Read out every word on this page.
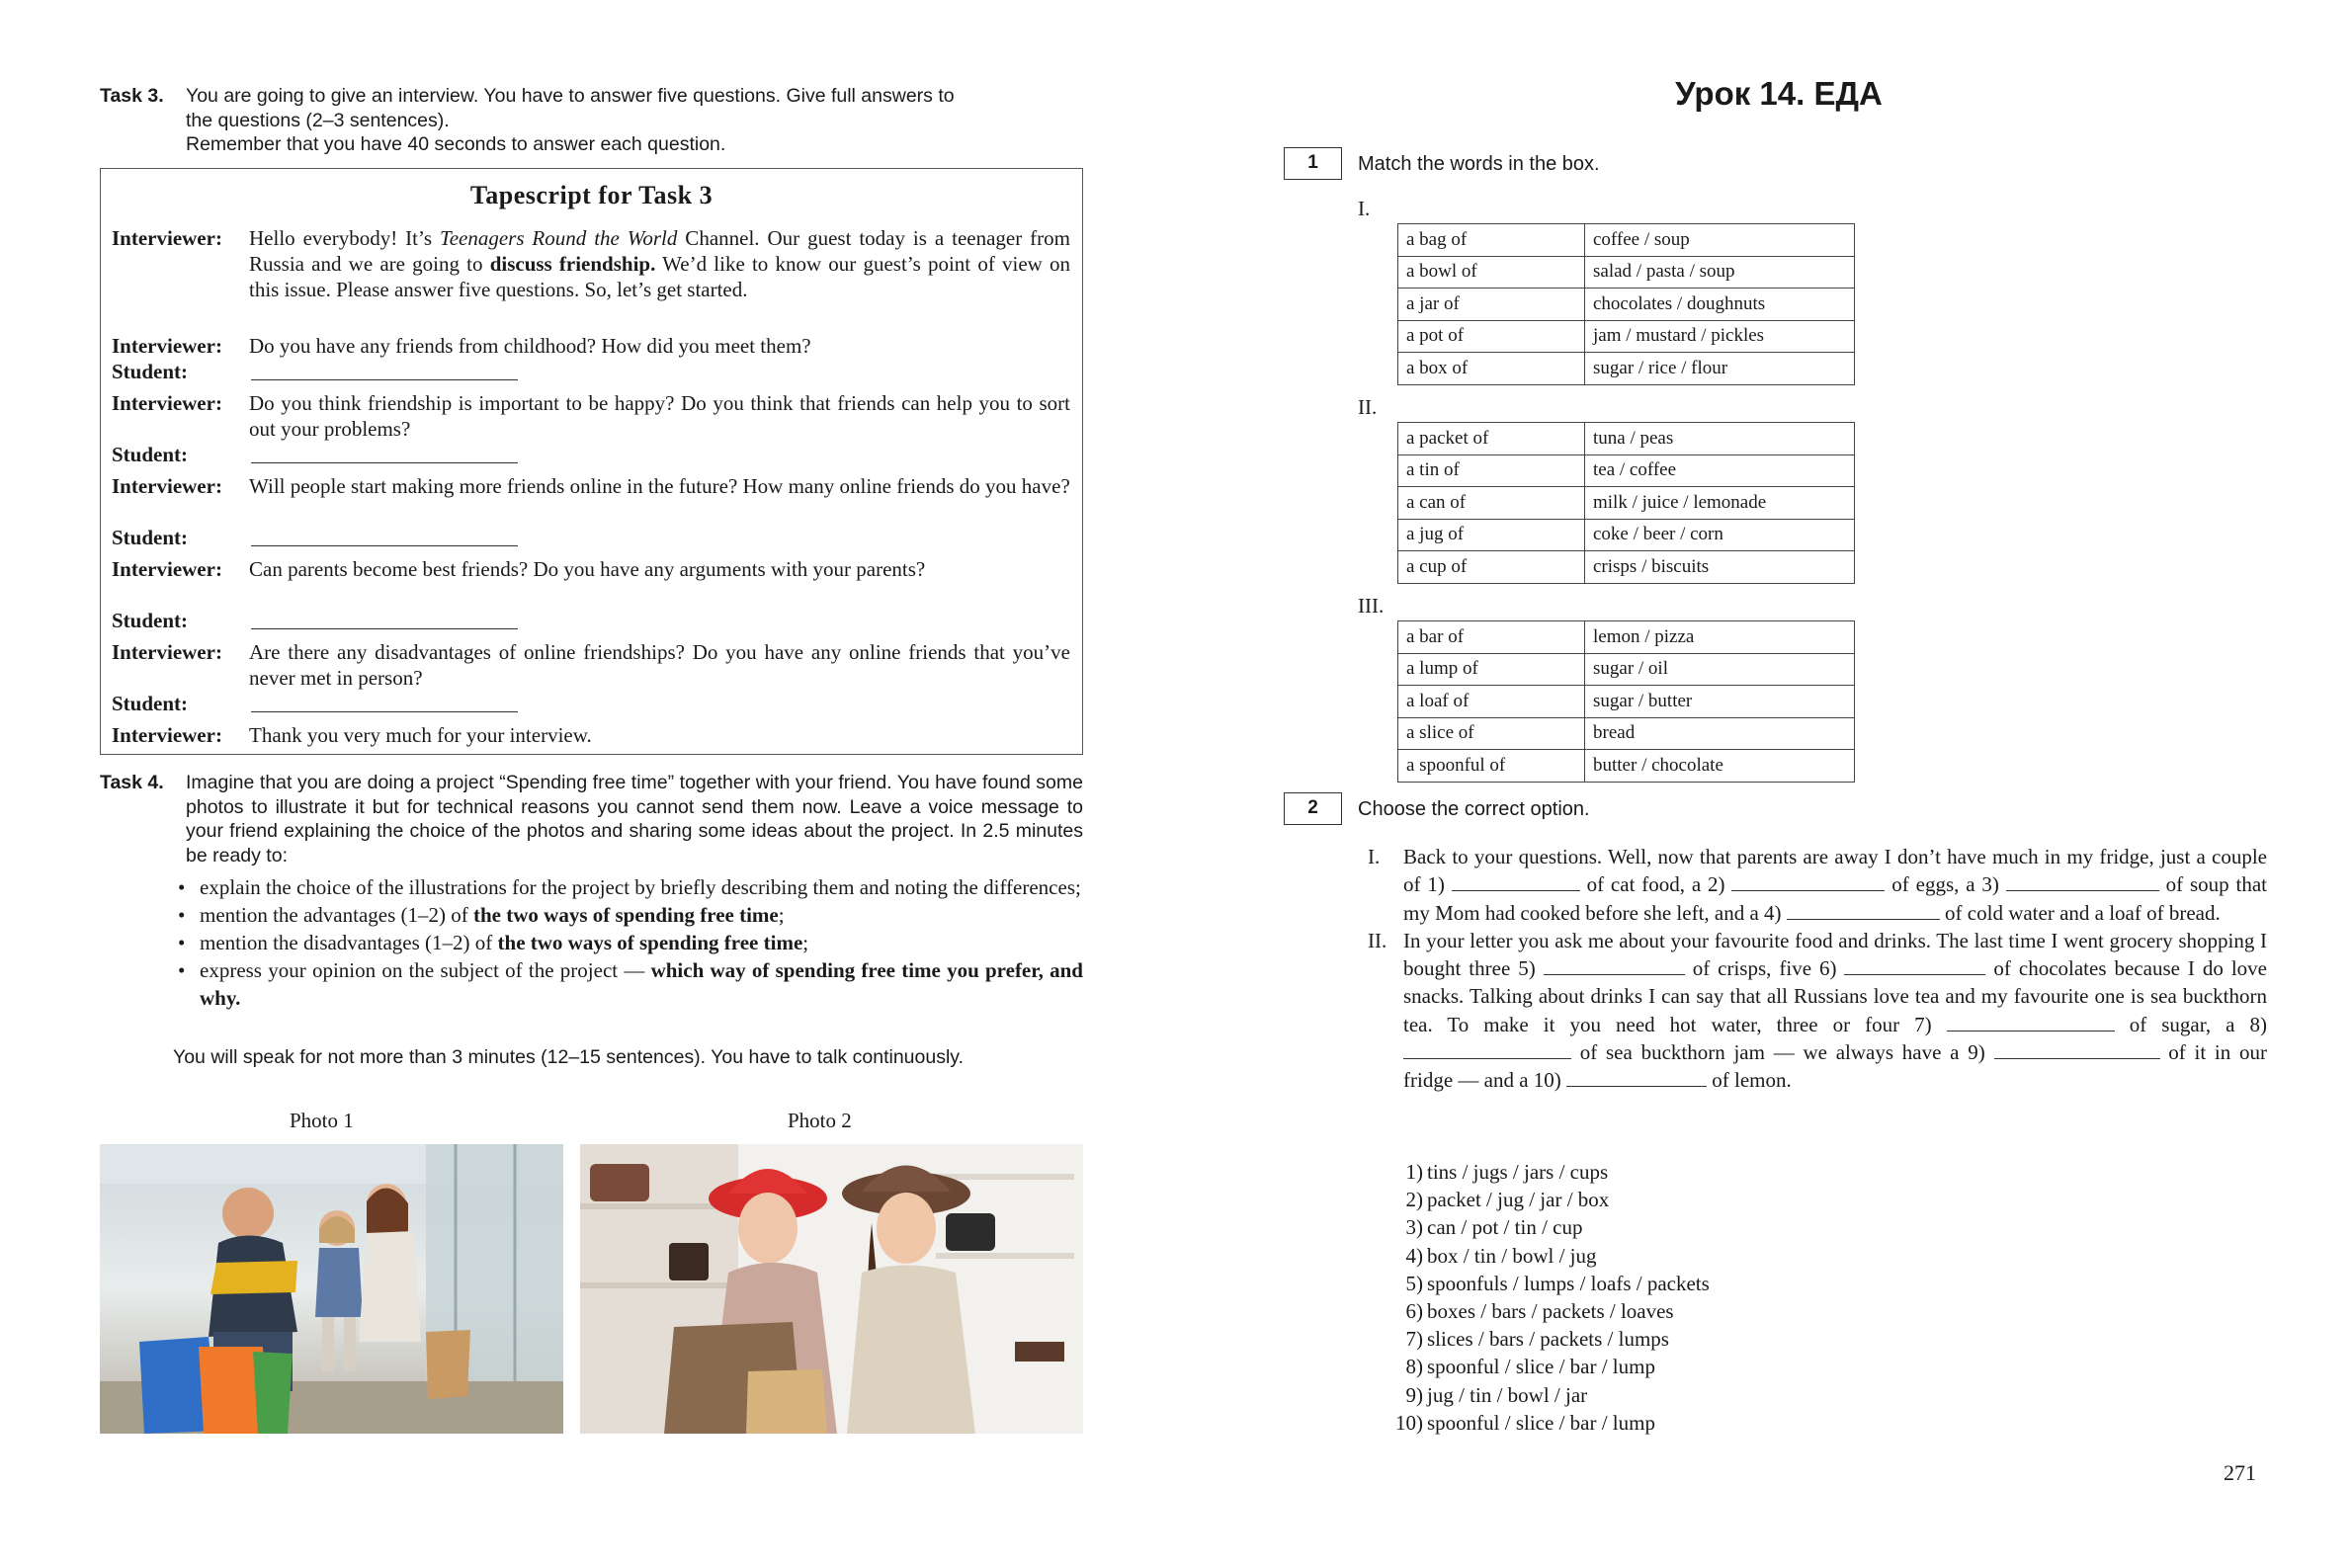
Task 3. You are going to give an interview. You have to answer five questions. Give full answers to
the questions (2–3 sentences).
Remember that you have 40 seconds to answer each question.
Tapescript for Task 3
Interviewer: Hello everybody! It’s Teenagers Round the World Channel. Our guest today is a teenager from Russia and we are going to discuss friendship. We’d like to know our guest’s point of view on this issue. Please answer five questions. So, let’s get started.
Interviewer: Do you have any friends from childhood? How did you meet them?
Student:
Interviewer: Do you think friendship is important to be happy? Do you think that friends can help you to sort out your problems?
Student:
Interviewer: Will people start making more friends online in the future? How many online friends do you have?
Student:
Interviewer: Can parents become best friends? Do you have any arguments with your parents?
Student:
Interviewer: Are there any disadvantages of online friendships? Do you have any online friends that you’ve never met in person?
Student:
Interviewer: Thank you very much for your interview.
Task 4. Imagine that you are doing a project “Spending free time” together with your friend. You have found some photos to illustrate it but for technical reasons you cannot send them now. Leave a voice message to your friend explaining the choice of the photos and sharing some ideas about the project. In 2.5 minutes be ready to:
• explain the choice of the illustrations for the project by briefly describing them and noting the differences;
• mention the advantages (1–2) of the two ways of spending free time;
• mention the disadvantages (1–2) of the two ways of spending free time;
• express your opinion on the subject of the project — which way of spending free time you prefer, and why.
You will speak for not more than 3 minutes (12–15 sentences). You have to talk continuously.
Photo 1	Photo 2
Урок 14. ЕДА
1	Match the words in the box.
I.
a bag of	coffee / soup
a bowl of	salad / pasta / soup
a jar of	chocolates / doughnuts
a pot of	jam / mustard / pickles
a box of	sugar / rice / flour
II.
a packet of	tuna / peas
a tin of	tea / coffee
a can of	milk / juice / lemonade
a jug of	coke / beer / corn
a cup of	crisps / biscuits
III.
a bar of	lemon / pizza
a lump of	sugar / oil
a loaf of	sugar / butter
a slice of	bread
a spoonful of	butter / chocolate
2	Choose the correct option.
I. Back to your questions. Well, now that parents are away I don’t have much in my fridge, just a couple of 1)	of cat food, a 2)	of eggs, a 3)	of soup that my Mom had cooked before she left, and a 4)	of cold water and a loaf of bread.
II. In your letter you ask me about your favourite food and drinks. The last time I went grocery shopping I bought three 5)	of crisps, five 6)	of chocolates because I do love snacks. Talking about drinks I can say that all Russians love tea and my favourite one is sea buckthorn tea. To make it you need hot water, three or four 7)	of sugar, a 8)  of sea buckthorn jam — we always have a 9)	of it in our fridge — and a 10)	of lemon.
1) tins / jugs / jars / cups
2) packet / jug / jar / box
3) can / pot / tin / cup
4) box / tin / bowl / jug
5) spoonfuls / lumps / loafs / packets
6) boxes / bars / packets / loaves
7) slices / bars / packets / lumps
8) spoonful / slice / bar / lump
9) jug / tin / bowl / jar
10) spoonful / slice / bar / lump
271
